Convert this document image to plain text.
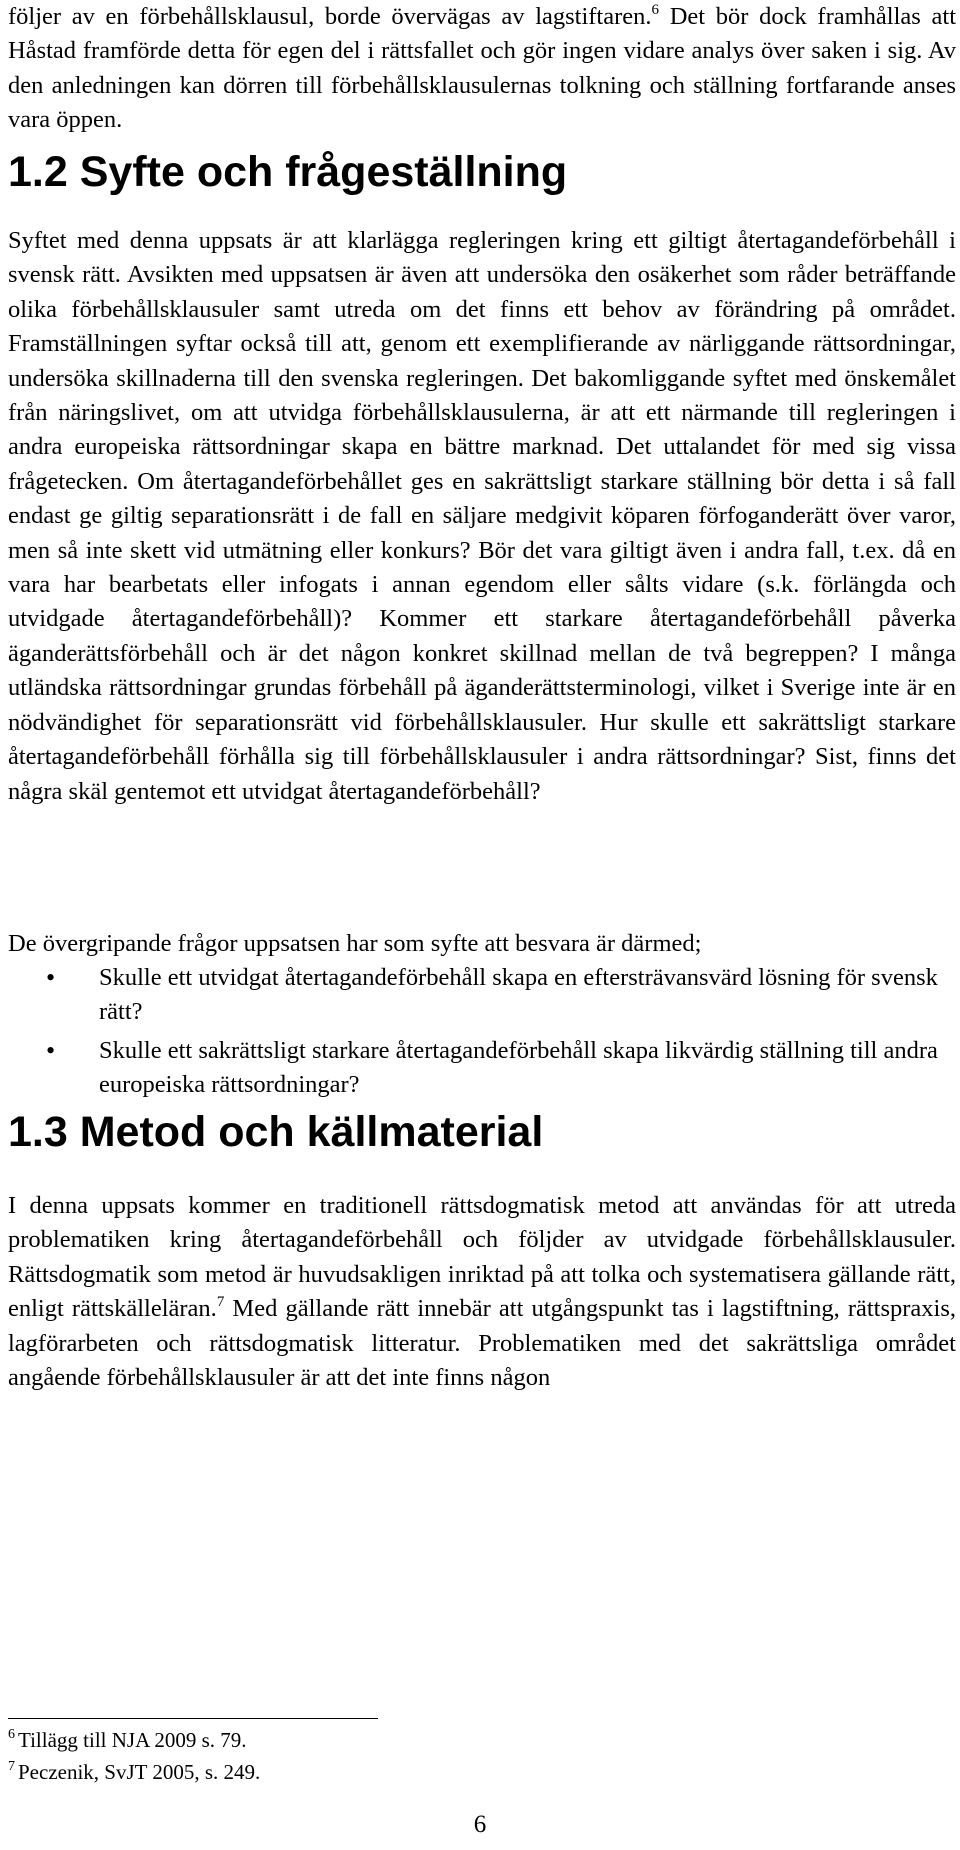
följer av en förbehållsklausul, borde övervägas av lagstiftaren.$^6$ Det bör dock framhållas att Håstad framförde detta för egen del i rättsfallet och gör ingen vidare analys över saken i sig. Av den anledningen kan dörren till förbehållsklausulernas tolkning och ställning fortfarande anses vara öppen.

1.2 Syfte och frågeställning

Syftet med denna uppsats är att klarlägga regleringen kring ett giltigt återtagandeförbehåll i svensk rätt. Avsikten med uppsatsen är även att undersöka den osäkerhet som råder beträffande olika förbehållsklausuler samt utreda om det finns ett behov av förändring på området. Framställningen syftar också till att, genom ett exemplifierande av närliggande rättsordningar, undersöka skillnaderna till den svenska regleringen. Det bakomliggande syftet med önskemålet från näringslivet, om att utvidga förbehållsklausulerna, är att ett närmande till regleringen i andra europeiska rättsordningar skapa en bättre marknad. Det uttalandet för med sig vissa frågetecken. Om återtagandeförbehållet ges en sakrättsligt starkare ställning bör detta i så fall endast ge giltig separationsrätt i de fall en säljare medgivit köparen förfoganderätt över varor, men så inte skett vid utmätning eller konkurs? Bör det vara giltigt även i andra fall, t.ex. då en vara har bearbetats eller infogats i annan egendom eller sålts vidare (s.k. förlängda och utvidgade återtagandeförbehåll)? Kommer ett starkare återtagandeförbehåll påverka äganderättsförbehåll och är det någon konkret skillnad mellan de två begreppen? I många utländska rättsordningar grundas förbehåll på äganderättsterminologi, vilket i Sverige inte är en nödvändighet för separationsrätt vid förbehållsklausuler. Hur skulle ett sakrättsligt starkare återtagandeförbehåll förhålla sig till förbehållsklausuler i andra rättsordningar? Sist, finns det några skäl gentemot ett utvidgat återtagandeförbehåll?

De övergripande frågor uppsatsen har som syfte att besvara är därmed;

• Skulle ett utvidgat återtagandeförbehåll skapa en eftersträvansvärd lösning för svensk rätt?
• Skulle ett sakrättsligt starkare återtagandeförbehåll skapa likvärdig ställning till andra europeiska rättsordningar?
1.3 Metod och källmaterial

I denna uppsats kommer en traditionell rättsdogmatisk metod att användas för att utreda problematiken kring återtagandeförbehåll och följder av utvidgade förbehållsklausuler. Rättsdogmatik som metod är huvudsakligen inriktad på att tolka och systematisera gällande rätt, enligt rättskälleläran.$^7$ Med gällande rätt innebär att utgångspunkt tas i lagstiftning, rättspraxis, lagförarbeten och rättsdogmatisk litteratur. Problematiken med det sakrättsliga området angående förbehållsklausuler är att det inte finns någon

$^6$ Tillägg till NJA 2009 s. 79.
$^7$ Peczenik, SvJT 2005, s. 249.
6
